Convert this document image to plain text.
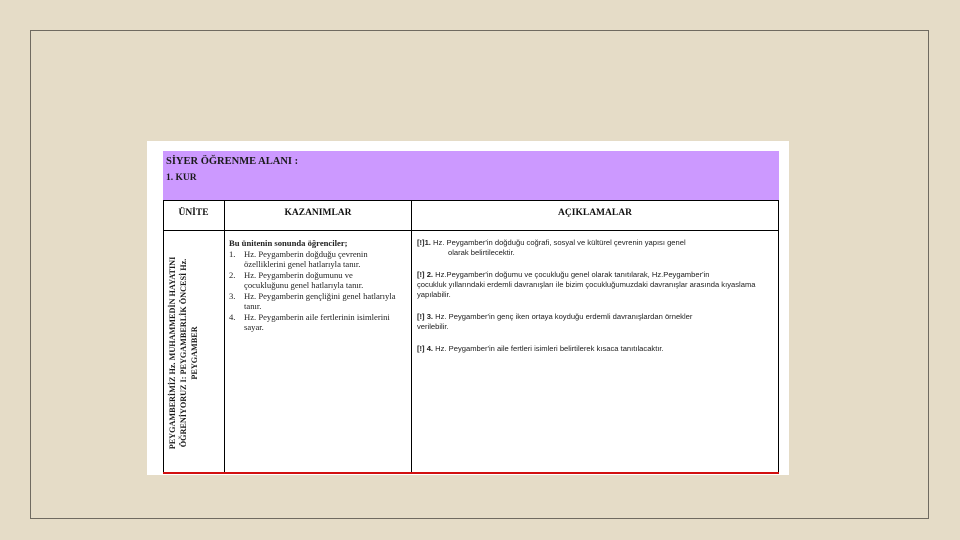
SİYER ÖĞRENME ALANI :
1. KUR
ÜNİTE	KAZANIMLAR	AÇIKLAMALAR
PEYGAMBERİMİZ Hz. MUHAMMEDİN HAYATINI ÖĞRENİYORUZ I: PEYGAMBERLİK ÖNCESİ Hz. PEYGAMBER
Bu ünitenin sonunda öğrenciler;
1. Hz. Peygamberin doğduğu çevrenin özelliklerini genel hatlarıyla tanır.
2. Hz. Peygamberin doğumunu ve çocukluğunu genel hatlarıyla tanır.
3. Hz. Peygamberin gençliğini genel hatlarıyla tanır.
4. Hz. Peygamberin aile fertlerinin isimlerini sayar.
[!]1. Hz. Peygamber'in doğduğu coğrafi, sosyal ve kültürel çevrenin yapısı genel
olarak belirtilecektir.
[!] 2. Hz.Peygamber'in doğumu ve çocukluğu genel olarak tanıtılarak, Hz.Peygamber'in
çocukluk yıllarındaki erdemli davranışları ile bizim çocukluğumuzdaki davranışlar arasında kıyaslama yapılabilir.
[!] 3. Hz. Peygamber'in genç iken ortaya koyduğu erdemli davranışlardan örnekler
verilebilir.
[!] 4. Hz. Peygamber'in aile fertleri isimleri belirtilerek kısaca tanıtılacaktır.
